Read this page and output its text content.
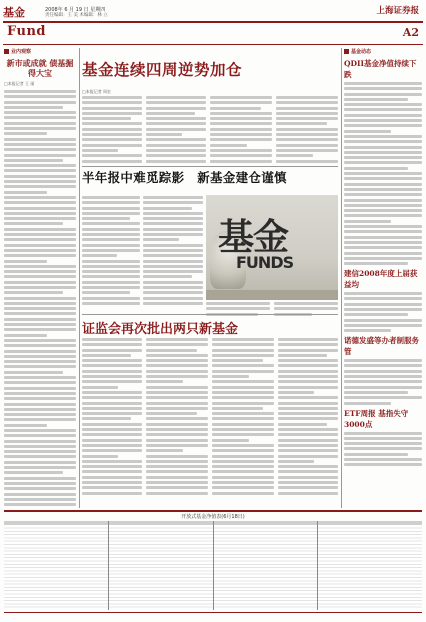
基金	2008年 6 月 19 日 星期四
责任编辑：王 美 术编辑：林 立	上海证券报
Fund	A2
业内观察
新市或成就 债基掘得大宝
□本报记者 王 丽
基金连续四周逆势加仓
□本报记者 周宏
半年报中难觅踪影　新基金建仓谨慎
基金
FUNDS
证监会再次批出两只新基金
基金动态
QDII基金净值持续下跌
建信2008年度上届获益均
诺德发盛等办者制服务管
ETF周报 基指失守3000点
开放式基金净值表(6月18日)
